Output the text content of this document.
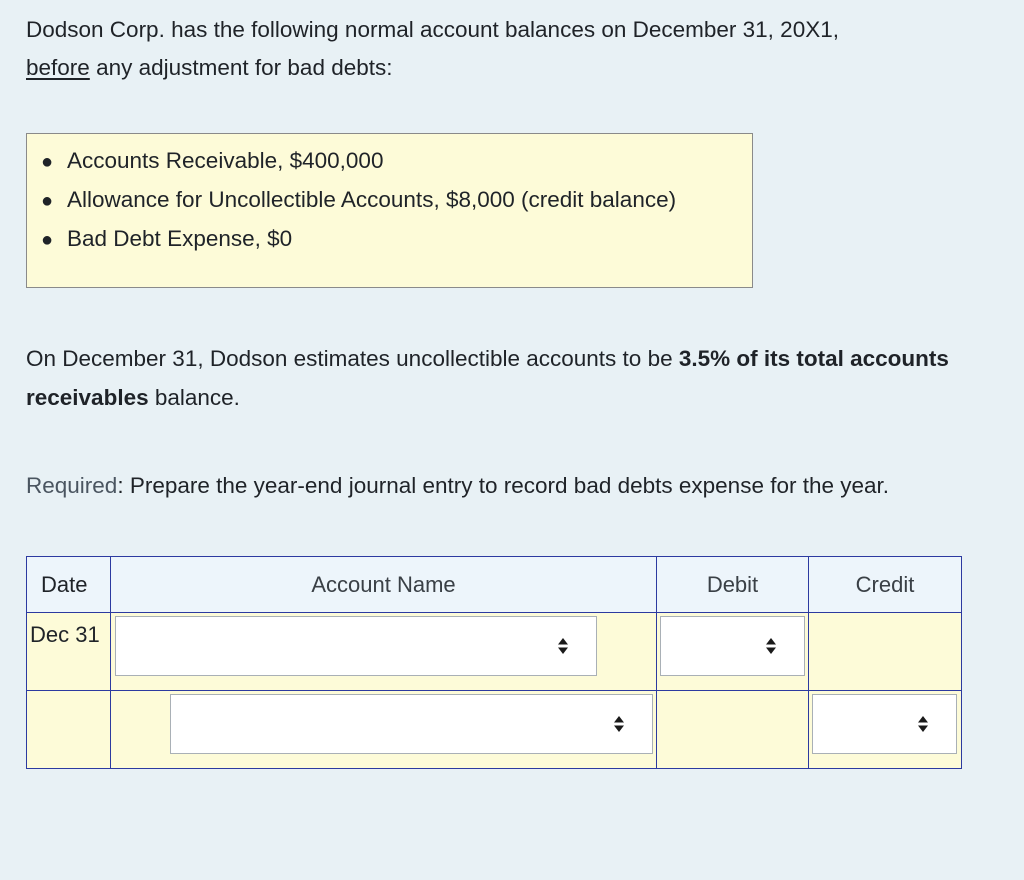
Dodson Corp. has the following normal account balances on December 31, 20X1,
before any adjustment for bad debts:
● Accounts Receivable, $400,000
● Allowance for Uncollectible Accounts, $8,000 (credit balance)
● Bad Debt Expense, $0
On December 31, Dodson estimates uncollectible accounts to be 3.5% of its total accounts receivables balance.
Required: Prepare the year-end journal entry to record bad debts expense for the year.
Date	Account Name	Debit	Credit

Dec 31
